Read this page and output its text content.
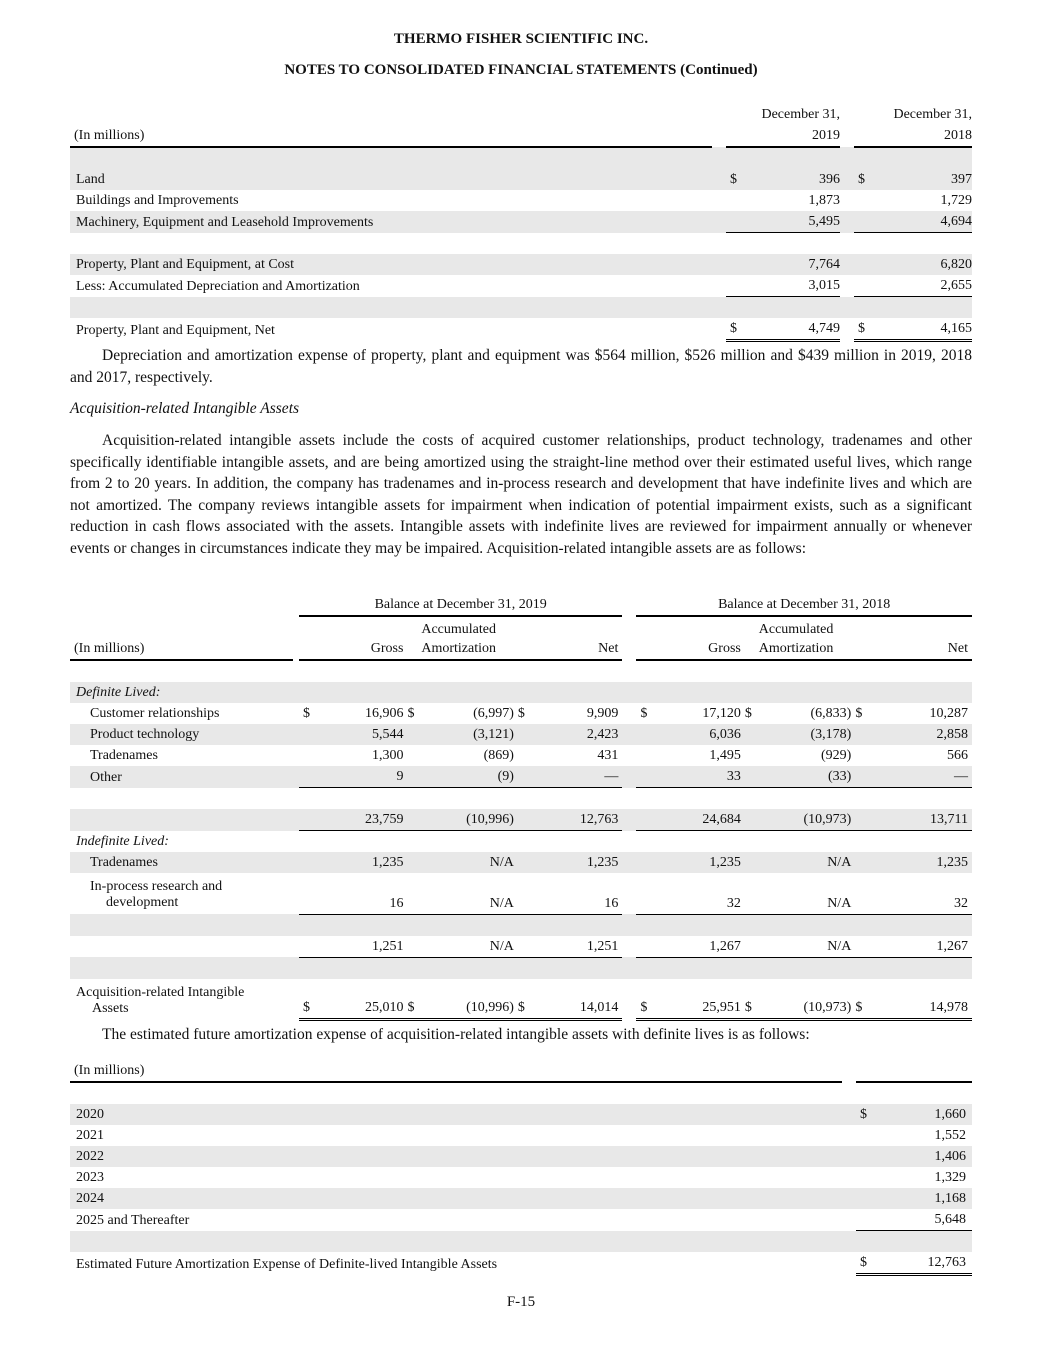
THERMO FISHER SCIENTIFIC INC.
NOTES TO CONSOLIDATED FINANCIAL STATEMENTS (Continued)
		December 31,			December 31,	
(In millions)		2019			2018	

Land		$	396		$	397
Buildings and Improvements			1,873			1,729
Machinery, Equipment and Leasehold Improvements			5,495			4,694

Property, Plant and Equipment, at Cost			7,764			6,820
Less: Accumulated Depreciation and Amortization			3,015			2,655

Property, Plant and Equipment, Net		$	4,749		$	4,165
Depreciation and amortization expense of property, plant and equipment was $564 million, $526 million and $439 million in 2019, 2018 and 2017, respectively.
Acquisition-related Intangible Assets
Acquisition-related intangible assets include the costs of acquired customer relationships, product technology, tradenames and other specifically identifiable intangible assets, and are being amortized using the straight-line method over their estimated useful lives, which range from 2 to 20 years. In addition, the company has tradenames and in-process research and development that have indefinite lives and which are not amortized. The company reviews intangible assets for impairment when indication of potential impairment exists, such as a significant reduction in cash flows associated with the assets. Intangible assets with indefinite lives are reviewed for impairment annually or whenever events or changes in circumstances indicate they may be impaired. Acquisition-related intangible assets are as follows:
		Balance at December 31, 2019							Balance at December 31, 2018					
				Accumulated							Accumulated			
(In millions)		Gross		Amortization		Net			Gross		Amortization		Net	

Definite Lived:														
Customer relationships		$	16,906	$	(6,997)	$	9,909		$	17,120	$	(6,833)	$	10,287
Product technology			5,544		(3,121)		2,423			6,036		(3,178)		2,858
Tradenames			1,300		(869)		431			1,495		(929)		566
Other			9		(9)		—			33		(33)		—

			23,759		(10,996)		12,763			24,684		(10,973)		13,711
Indefinite Lived:														
Tradenames			1,235		N/A		1,235			1,235		N/A		1,235
In-process research and
development			16		N/A		16			32		N/A		32

			1,251		N/A		1,251			1,267		N/A		1,267

Acquisition-related Intangible
Assets		$	25,010	$	(10,996)	$	14,014		$	25,951	$	(10,973)	$	14,978
The estimated future amortization expense of acquisition-related intangible assets with definite lives is as follows:
(In millions)			

2020		$	1,660
2021			1,552
2022			1,406
2023			1,329
2024			1,168
2025 and Thereafter			5,648

Estimated Future Amortization Expense of Definite-lived Intangible Assets		$	12,763
F-15
